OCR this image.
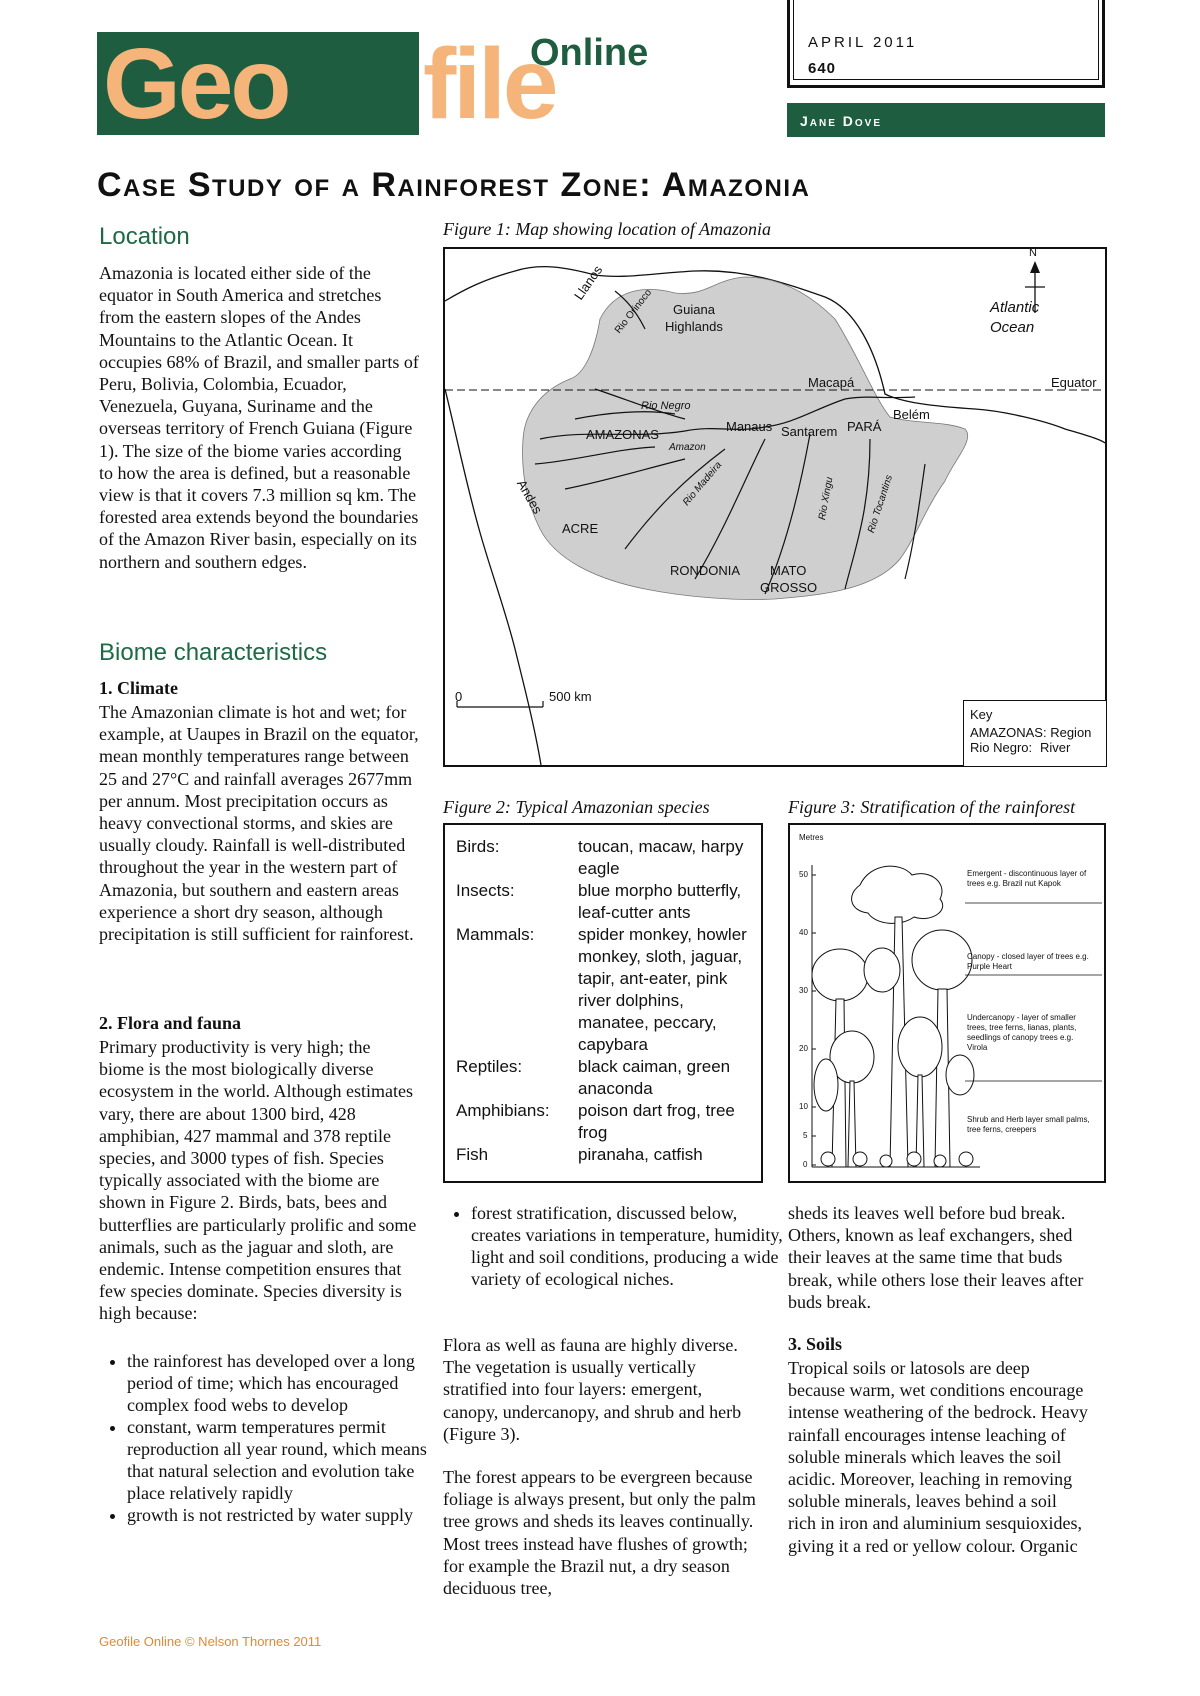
Geo file
Online	APRIL 2011
640
Jane Dove
Case Study of a Rainforest Zone: Amazonia
Location

Amazonia is located either side of the equator in South America and stretches from the eastern slopes of the Andes Mountains to the Atlantic Ocean. It occupies 68% of Brazil, and smaller parts of Peru, Bolivia, Colombia, Ecuador, Venezuela, Guyana, Suriname and the overseas territory of French Guiana (Figure 1). The size of the biome varies according to how the area is defined, but a reasonable view is that it covers 7.3 million sq km. The forested area extends beyond the boundaries of the Amazon River basin, especially on its northern and southern edges.

Biome characteristics
1. Climate

The Amazonian climate is hot and wet; for example, at Uaupes in Brazil on the equator, mean monthly temperatures range between 25 and 27°C and rainfall averages 2677mm per annum. Most precipitation occurs as heavy convectional storms, and skies are usually cloudy. Rainfall is well-distributed throughout the year in the western part of Amazonia, but southern and eastern areas experience a short dry season, although precipitation is still sufficient for rainforest.

2. Flora and fauna

Primary productivity is very high; the biome is the most biologically diverse ecosystem in the world. Although estimates vary, there are about 1300 bird, 428 amphibian, 427 mammal and 378 reptile species, and 3000 types of fish. Species typically associated with the biome are shown in Figure 2. Birds, bats, bees and butterflies are particularly prolific and some animals, such as the jaguar and sloth, are endemic. Intense competition ensures that few species dominate. Species diversity is high because:

• the rainforest has developed over a long period of time; which has encouraged complex food webs to develop
• constant, warm temperatures permit reproduction all year round, which means that natural selection and evolution take place relatively rapidly
• growth is not restricted by water supply
Figure 1: Map showing location of Amazonia
Llanos
Rio Orinoco Guiana
Highlands
Atlantic
Ocean
N
Macapá	Equator
Rio Negro
Manaus Santarem PARÁ
Belém
AMAZONAS
Amazon
Andes	Rio Madeira	Rio Xingu	Rio Tocantins
ACRE
RONDONIA MATO
GROSSO
0	500 km
Key
AMAZONAS: Region
Rio Negro: River
Figure 2: Typical Amazonian species
Birds:	toucan, macaw, harpy eagle
Insects:	blue morpho butterfly, leaf-cutter ants
Mammals:	spider monkey, howler monkey, sloth, jaguar, tapir, ant-eater, pink river dolphins, manatee, peccary, capybara
Reptiles:	black caiman, green anaconda
Amphibians:	poison dart frog, tree frog
Fish	piranaha, catfish
Figure 3: Stratification of the rainforest
Metres
50
40
30
20
10
5
0
Emergent - discontinuous layer of trees e.g. Brazil nut Kapok
Canopy - closed layer of trees e.g. Purple Heart
Undercanopy - layer of smaller trees, tree ferns, lianas, plants, seedlings of canopy trees e.g. Virola
Shrub and Herb layer small palms, tree ferns, creepers
• forest stratification, discussed below, creates variations in temperature, humidity, light and soil conditions, producing a wide variety of ecological niches.

Flora as well as fauna are highly diverse. The vegetation is usually vertically stratified into four layers: emergent, canopy, undercanopy, and shrub and herb (Figure 3).

The forest appears to be evergreen because foliage is always present, but only the palm tree grows and sheds its leaves continually. Most trees instead have flushes of growth; for example the Brazil nut, a dry season deciduous tree,

sheds its leaves well before bud break. Others, known as leaf exchangers, shed their leaves at the same time that buds break, while others lose their leaves after buds break.

3. Soils

Tropical soils or latosols are deep because warm, wet conditions encourage intense weathering of the bedrock. Heavy rainfall encourages intense leaching of soluble minerals which leaves the soil acidic. Moreover, leaching in removing soluble minerals, leaves behind a soil rich in iron and aluminium sesquioxides, giving it a red or yellow colour. Organic

Geofile Online © Nelson Thornes 2011
